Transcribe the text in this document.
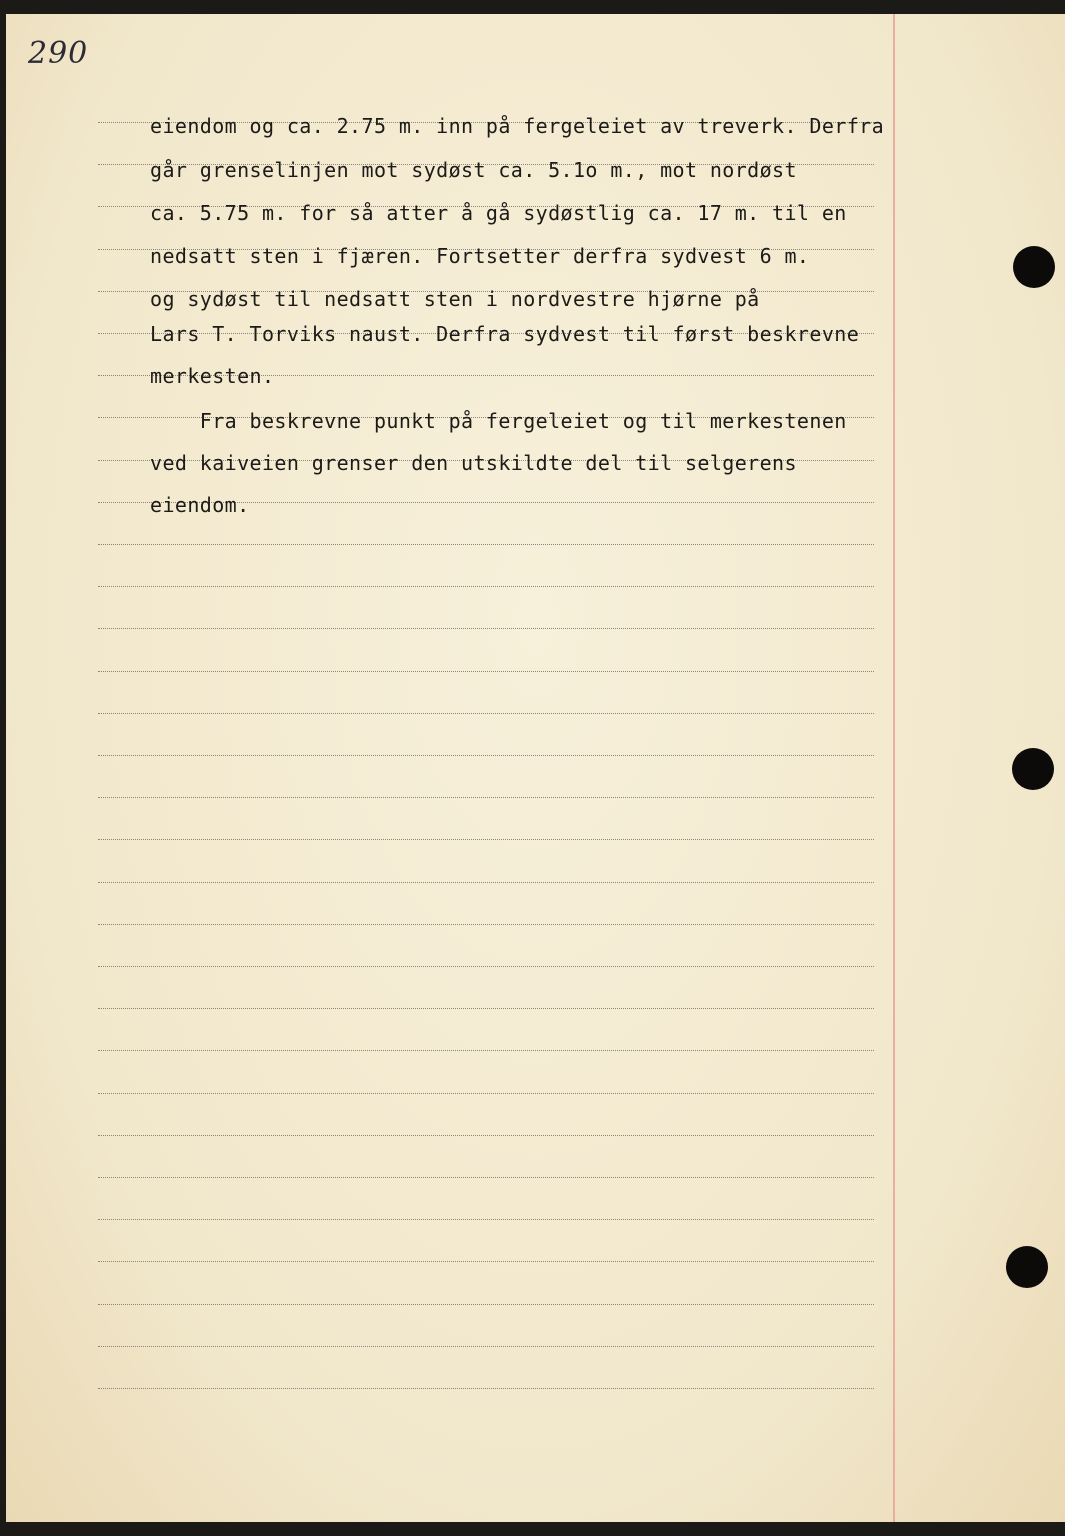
290
eiendom og ca. 2.75 m. inn på fergeleiet av treverk. Derfra
går grenselinjen mot sydøst ca. 5.1o m., mot nordøst
ca. 5.75 m. for så atter å gå sydøstlig ca. 17 m. til en
nedsatt sten i fjæren. Fortsetter derfra sydvest 6 m.
og sydøst til nedsatt sten i nordvestre hjørne på
Lars T. Torviks naust. Derfra sydvest til først beskrevne
merkesten.
Fra beskrevne punkt på fergeleiet og til merkestenen
ved kaiveien grenser den utskildte del til selgerens
eiendom.
